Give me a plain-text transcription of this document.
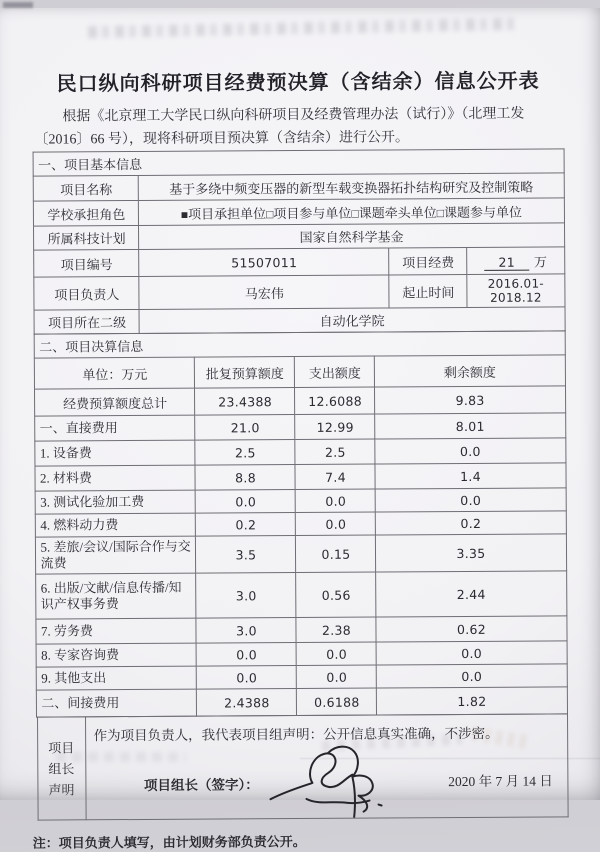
民口纵向科研项目经费预决算（含结余）信息公开表

根据《北京理工大学民口纵向科研项目及经费管理办法（试行）》（北理工发〔2016〕66 号），现将科研项目预决算（含结余）进行公开。

一、项目基本信息			
项目名称	基于多绕中频变压器的新型车载变换器拓扑结构研究及控制策略		
学校承担角色	■项目承担单位□项目参与单位□课题牵头单位□课题参与单位		
所属科技计划	国家自然科学基金		
项目编号	51507011	项目经费	21 万
项目负责人	马宏伟	起止时间	2016.01-2018.12
项目所在二级	自动化学院		
二、项目决算信息			
单位：万元	批复预算额度	支出额度	剩余额度
经费预算额度总计	23.4388	12.6088	9.83
一、直接费用	21.0	12.99	8.01
1. 设备费	2.5	2.5	0.0
2. 材料费	8.8	7.4	1.4
3. 测试化验加工费	0.0	0.0	0.0
4. 燃料动力费	0.2	0.0	0.2
5. 差旅/会议/国际合作与交流费	3.5	0.15	3.35
6. 出版/文献/信息传播/知识产权事务费	3.0	0.56	2.44
7. 劳务费	3.0	2.38	0.62
8. 专家咨询费	0.0	0.0	0.0
9. 其他支出	0.0	0.0	0.0
二、间接费用	2.4388	0.6188	1.82
项目组长声明

作为项目负责人，我代表项目组声明：公开信息真实准确，不涉密。
项目组长（签字）：	2020 年 7 月 14 日
注：项目负责人填写，由计划财务部负责公开。
